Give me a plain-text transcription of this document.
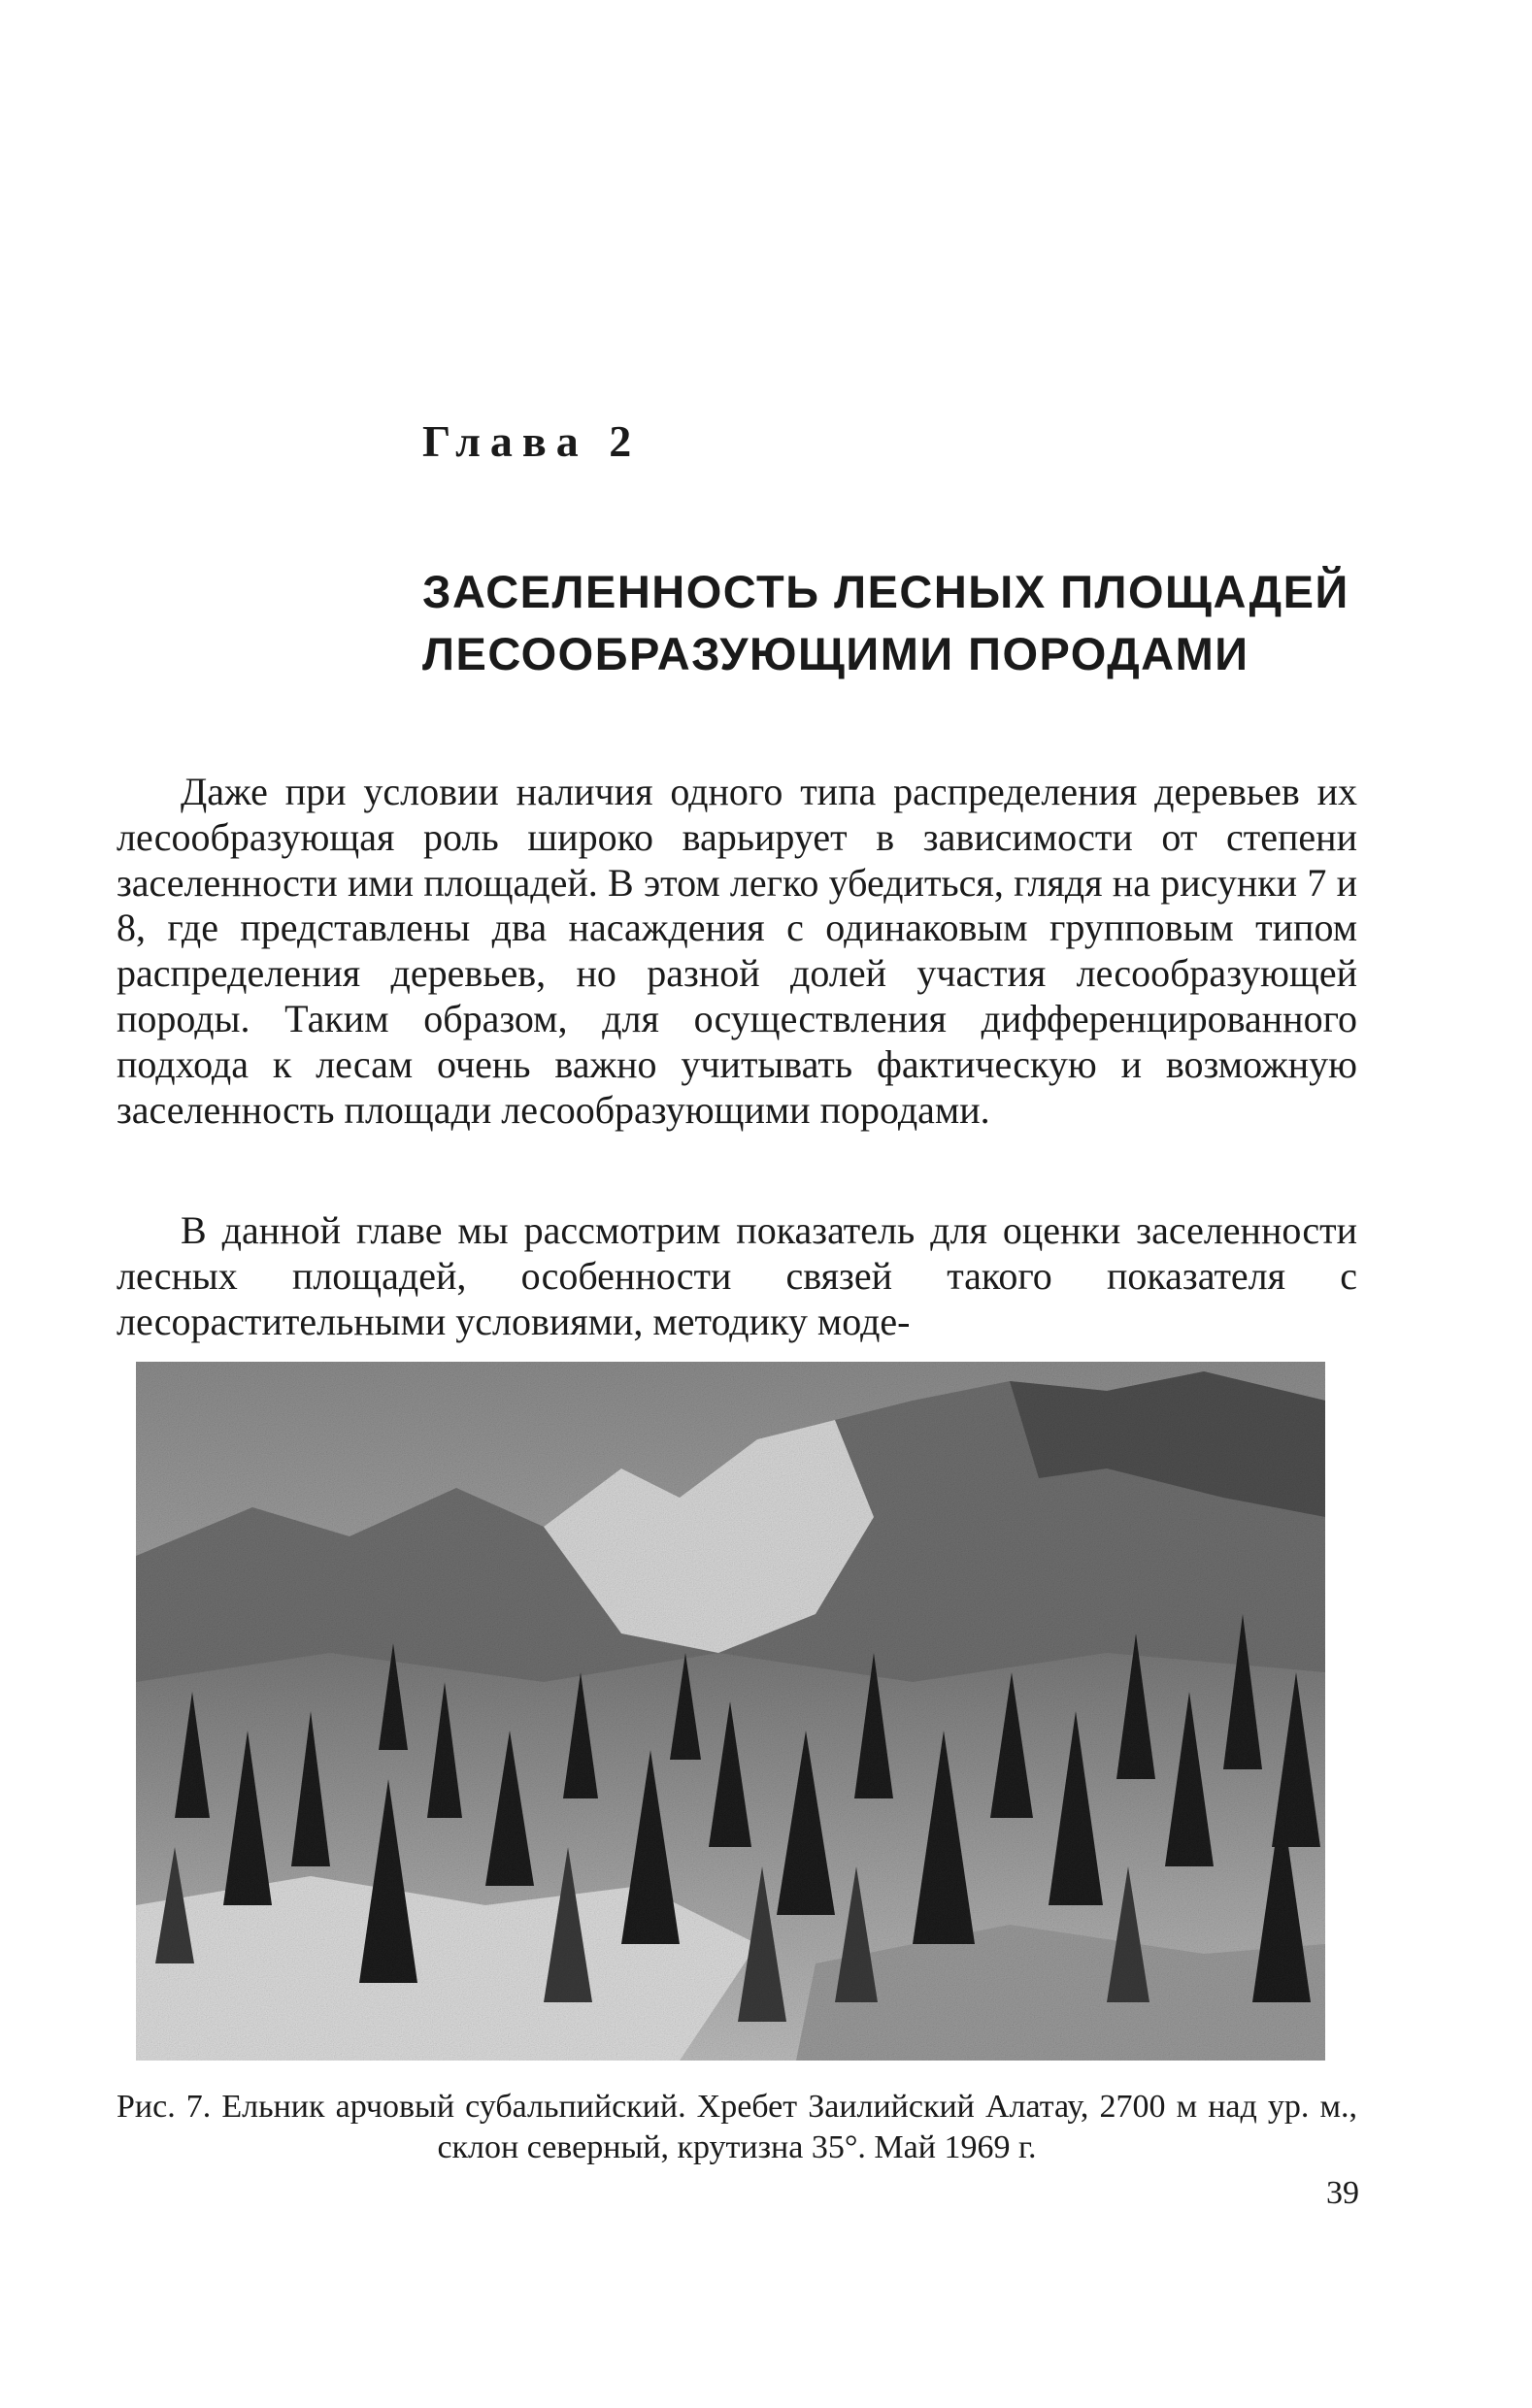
Глава 2
ЗАСЕЛЕННОСТЬ ЛЕСНЫХ ПЛОЩАДЕЙ
ЛЕСООБРАЗУЮЩИМИ ПОРОДАМИ

Даже при условии наличия одного типа распределения деревьев их лесообразующая роль широко варьирует в зависимости от степени заселенности ими площадей. В этом легко убедиться, глядя на рисунки 7 и 8, где представлены два насаждения с одинаковым групповым типом распределения деревьев, но разной долей участия лесообразующей породы. Таким образом, для осуществления дифференцированного подхода к лесам очень важно учитывать фактическую и возможную заселенность площади лесообразующими породами.

В данной главе мы рассмотрим показатель для оценки заселенности лесных площадей, особенности связей такого показателя с лесорастительными условиями, методику моде-

Рис. 7. Ельник арчовый субальпийский. Хребет Заилийский Алатау, 2700 м над ур. м., склон северный, крутизна 35°. Май 1969 г.

39
